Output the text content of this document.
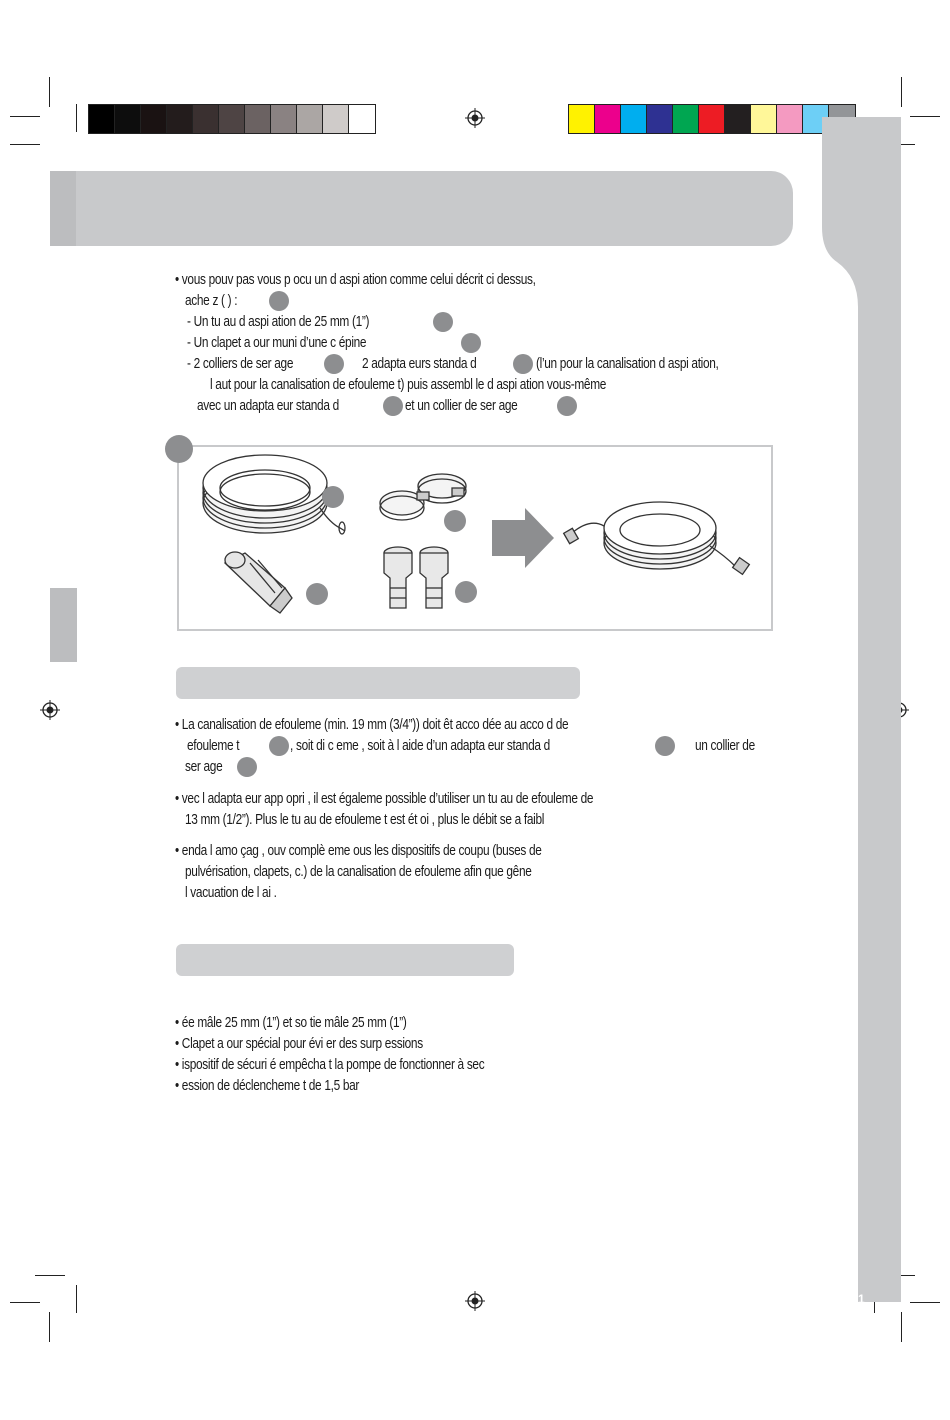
1
• vous pouv pas vous p ocu un d aspi ation comme celui décrit ci dessus,
ache z ( ) :
- Un tu au d aspi ation de 25 mm (1”)
- Un clapet a our muni d’une c épine
- 2 colliers de ser age	2 adapta eurs standa d	(l’un pour la canalisation d aspi ation,
l aut pour la canalisation de efouleme t) puis assembl le d aspi ation vous-même
avec un adapta eur standa d	et un collier de ser age
• La canalisation de efouleme (min. 19 mm (3/4”)) doit êt acco dée au acco d de
efouleme t	, soit di c eme , soit à l aide d’un adapta eur standa d	un collier de
ser age
• vec l adapta eur app opri , il est égaleme possible d’utiliser un tu au de efouleme de
13 mm (1/2”). Plus le tu au de efouleme t est ét oi , plus le débit se a faibl
• enda l amo çag , ouv complè eme ous les dispositifs de coupu (buses de
pulvérisation, clapets, c.) de la canalisation de efouleme afin que gêne
l vacuation de l ai .
• ée mâle 25 mm (1”) et so tie mâle 25 mm (1”)
• Clapet a our spécial pour évi er des surp essions
• ispositif de sécuri é empêcha t la pompe de fonctionner à sec
• ession de déclencheme t de 1,5 bar
